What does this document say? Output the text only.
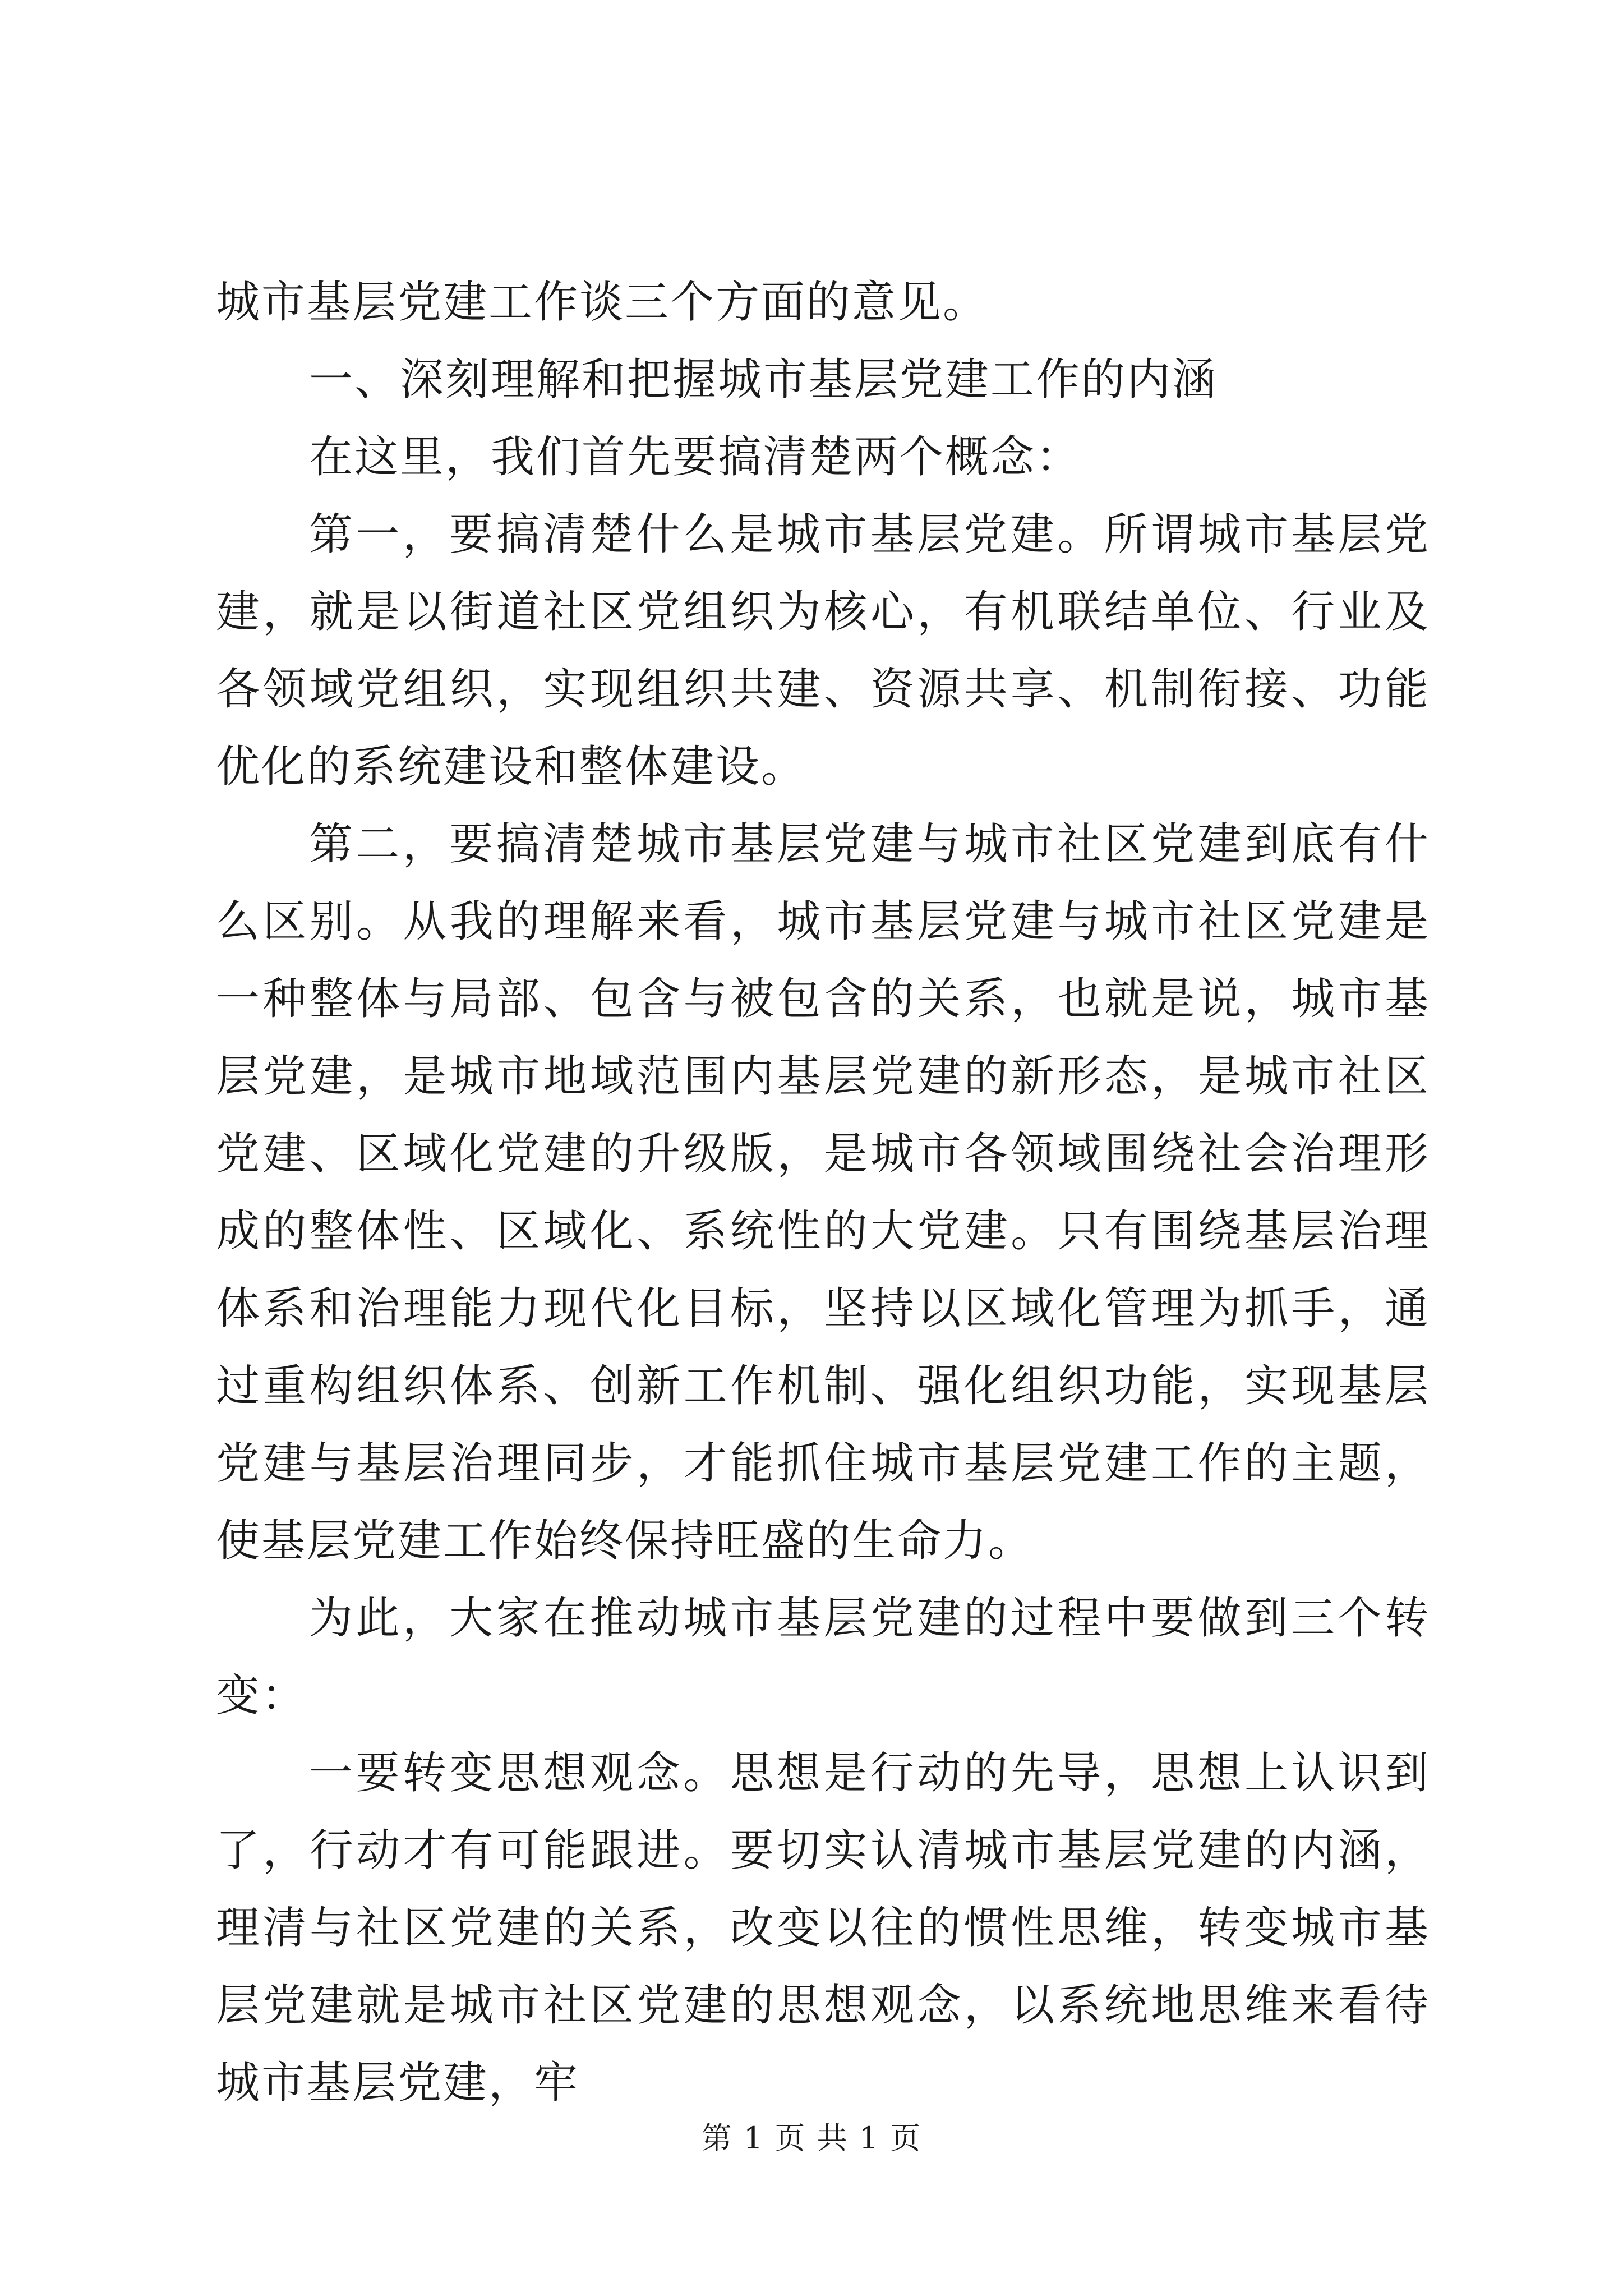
城市基层党建工作谈三个方面的意见。

一、深刻理解和把握城市基层党建工作的内涵

在这里，我们首先要搞清楚两个概念：

第一，要搞清楚什么是城市基层党建。所谓城市基层党建，就是以街道社区党组织为核心，有机联结单位、行业及各领域党组织，实现组织共建、资源共享、机制衔接、功能优化的系统建设和整体建设。

第二，要搞清楚城市基层党建与城市社区党建到底有什么区别。从我的理解来看，城市基层党建与城市社区党建是一种整体与局部、包含与被包含的关系，也就是说，城市基层党建，是城市地域范围内基层党建的新形态，是城市社区党建、区域化党建的升级版，是城市各领域围绕社会治理形成的整体性、区域化、系统性的大党建。只有围绕基层治理体系和治理能力现代化目标，坚持以区域化管理为抓手，通过重构组织体系、创新工作机制、强化组织功能，实现基层党建与基层治理同步，才能抓住城市基层党建工作的主题，使基层党建工作始终保持旺盛的生命力。

为此，大家在推动城市基层党建的过程中要做到三个转变：

一要转变思想观念。思想是行动的先导，思想上认识到了，行动才有可能跟进。要切实认清城市基层党建的内涵，理清与社区党建的关系，改变以往的惯性思维，转变城市基层党建就是城市社区党建的思想观念，以系统地思维来看待城市基层党建，牢

第 1 页 共 1 页
